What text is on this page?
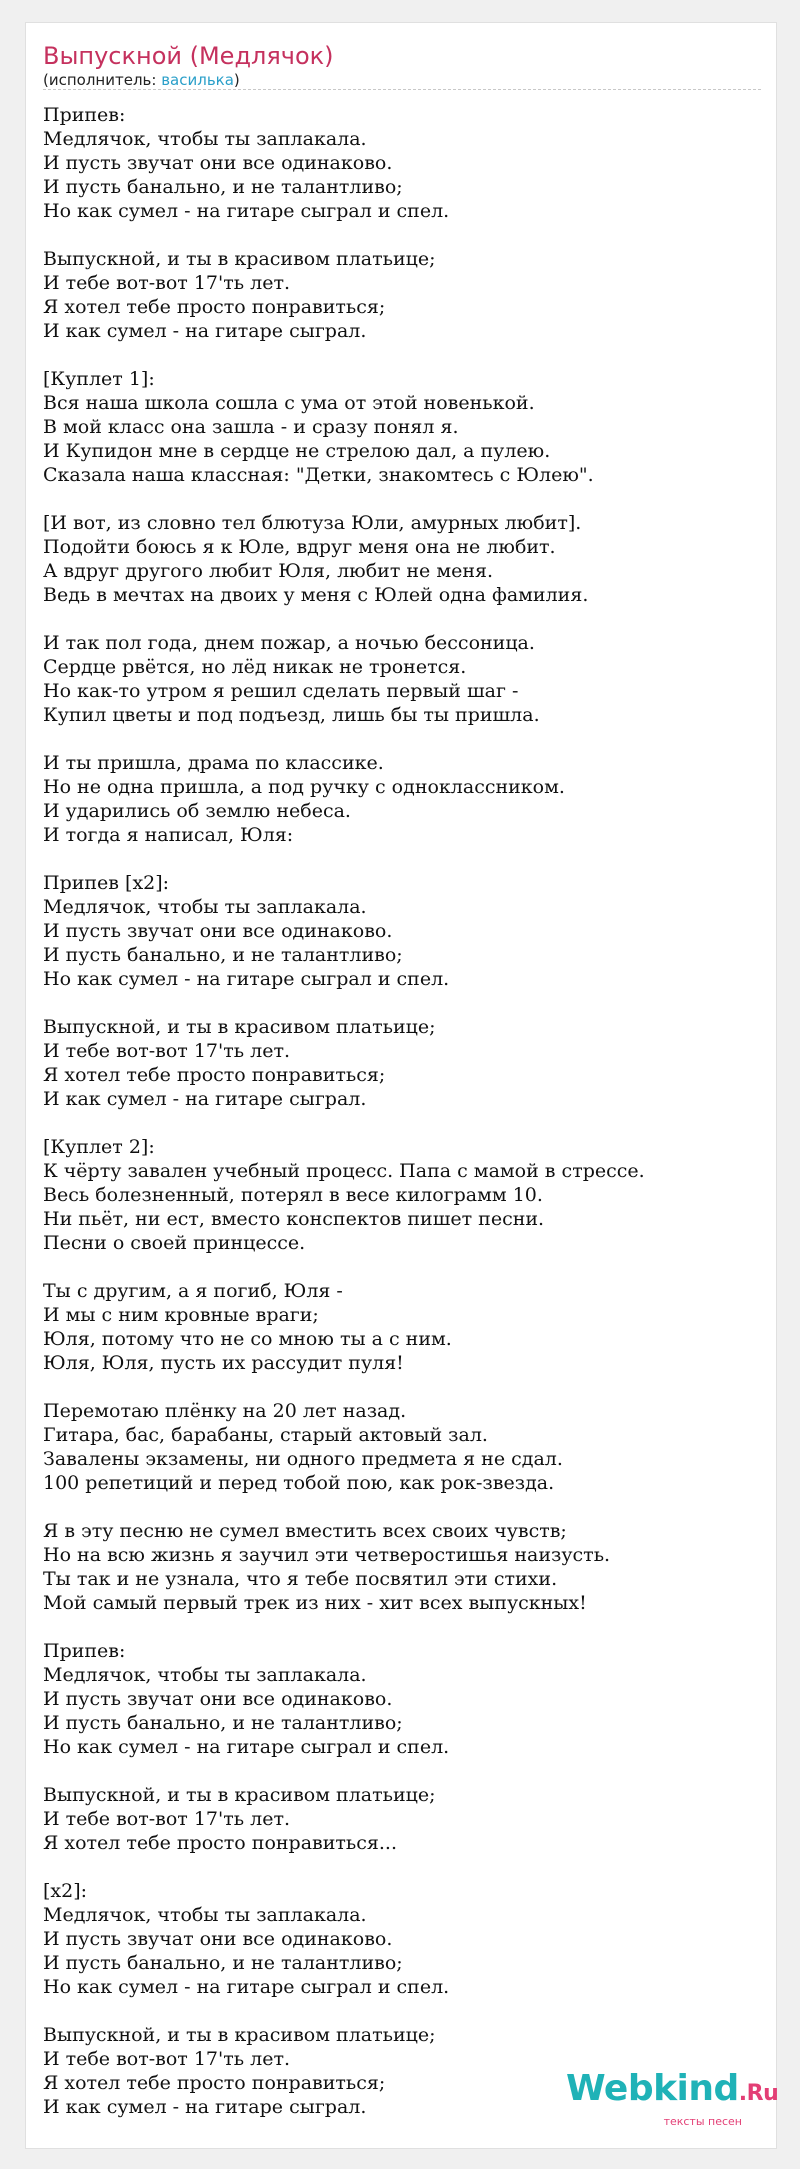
Выпускной (Медлячок)
(исполнитель: василька)
Припев:
Медлячок, чтобы ты заплакала.
И пусть звучат они все одинаково.
И пусть банально, и не талантливо;
Но как сумел - на гитаре сыграл и спел.
Выпускной, и ты в красивом платьице;
И тебе вот-вот 17'ть лет.
Я хотел тебе просто понравиться;
И как сумел - на гитаре сыграл.
[Куплет 1]:
Вся наша школа сошла с ума от этой новенькой.
В мой класс она зашла - и сразу понял я.
И Купидон мне в сердце не стрелою дал, а пулею.
Сказала наша классная: "Детки, знакомтесь с Юлею".
[И вот, из словно тел блютуза Юли, амурных любит].
Подойти боюсь я к Юле, вдруг меня она не любит.
А вдруг другого любит Юля, любит не меня.
Ведь в мечтах на двоих у меня с Юлей одна фамилия.
И так пол года, днем пожар, а ночью бессоница.
Сердце рвётся, но лёд никак не тронется.
Но как-то утром я решил сделать первый шаг -
Купил цветы и под подъезд, лишь бы ты пришла.
И ты пришла, драма по классике.
Но не одна пришла, а под ручку с одноклассником.
И ударились об землю небеса.
И тогда я написал, Юля:
Припев [x2]:
Медлячок, чтобы ты заплакала.
И пусть звучат они все одинаково.
И пусть банально, и не талантливо;
Но как сумел - на гитаре сыграл и спел.
Выпускной, и ты в красивом платьице;
И тебе вот-вот 17'ть лет.
Я хотел тебе просто понравиться;
И как сумел - на гитаре сыграл.
[Куплет 2]:
К чёрту завален учебный процесс. Папа с мамой в стрессе.
Весь болезненный, потерял в весе килограмм 10.
Ни пьёт, ни ест, вместо конспектов пишет песни.
Песни о своей принцессе.
Ты с другим, а я погиб, Юля -
И мы с ним кровные враги;
Юля, потому что не со мною ты а с ним.
Юля, Юля, пусть их рассудит пуля!
Перемотаю плёнку на 20 лет назад.
Гитара, бас, барабаны, старый актовый зал.
Завалены экзамены, ни одного предмета я не сдал.
100 репетиций и перед тобой пою, как рок-звезда.
Я в эту песню не сумел вместить всех своих чувств;
Но на всю жизнь я заучил эти четверостишья наизусть.
Ты так и не узнала, что я тебе посвятил эти стихи.
Мой самый первый трек из них - хит всех выпускных!
Припев:
Медлячок, чтобы ты заплакала.
И пусть звучат они все одинаково.
И пусть банально, и не талантливо;
Но как сумел - на гитаре сыграл и спел.
Выпускной, и ты в красивом платьице;
И тебе вот-вот 17'ть лет.
Я хотел тебе просто понравиться...
[x2]:
Медлячок, чтобы ты заплакала.
И пусть звучат они все одинаково.
И пусть банально, и не талантливо;
Но как сумел - на гитаре сыграл и спел.
Выпускной, и ты в красивом платьице;
И тебе вот-вот 17'ть лет.
Я хотел тебе просто понравиться;
И как сумел - на гитаре сыграл.	Webkind.Ru
тексты песен
